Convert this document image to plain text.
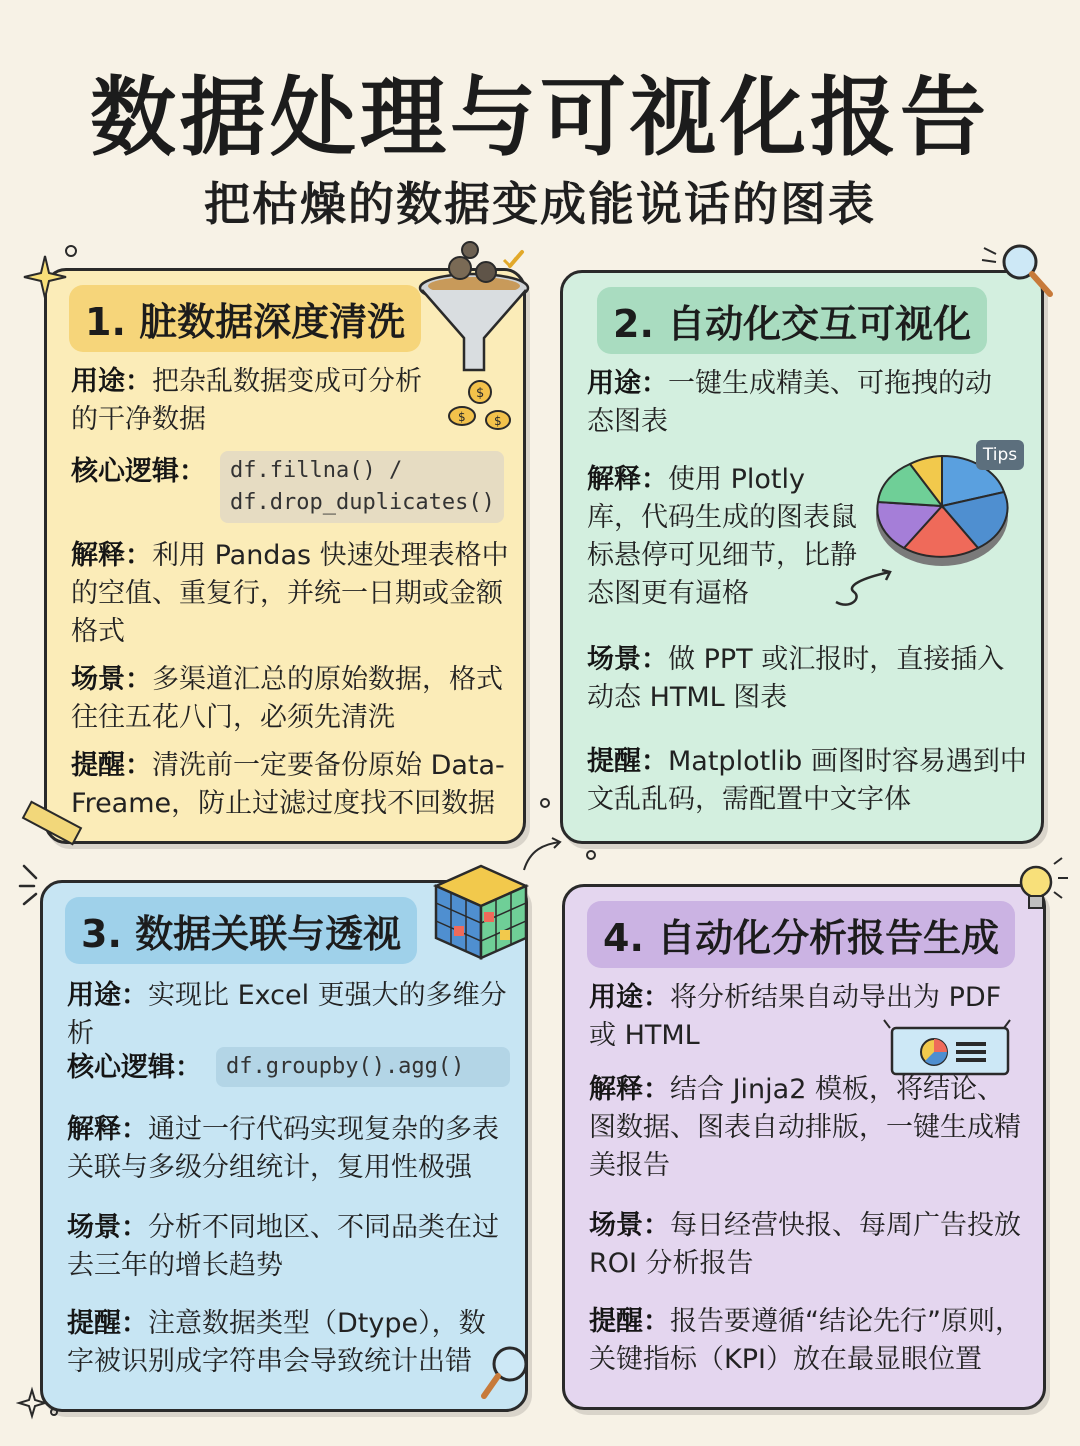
数据处理与可视化报告
把枯燥的数据变成能说话的图表
1. 脏数据深度清洗
用途：把杂乱数据变成可分析的干净数据
核心逻辑：	df.fillna() / df.drop_duplicates()
解释：利用 Pandas 快速处理表格中的空值、重复行，并统一日期或金额格式
场景：多渠道汇总的原始数据，格式往往五花八门，必须先清洗
提醒：清洗前一定要备份原始 Data-Freame，防止过滤过度找不回数据
2. 自动化交互可视化
用途：一键生成精美、可拖拽的动态图表
解释：使用 Plotly 库，代码生成的图表鼠标悬停可见细节，比静态图更有逼格
场景：做 PPT 或汇报时，直接插入动态 HTML 图表
提醒：Matplotlib 画图时容易遇到中文乱乱码，需配置中文字体
3. 数据关联与透视
用途：实现比 Excel 更强大的多维分析
核心逻辑：	df.groupby().agg()
解释：通过一行代码实现复杂的多表关联与多级分组统计，复用性极强
场景：分析不同地区、不同品类在过去三年的增长趋势
提醒：注意数据类型（Dtype），数字被识别成字符串会导致统计出错
4. 自动化分析报告生成
用途：将分析结果自动导出为 PDF 或 HTML
解释：结合 Jinja2 模板，将结论、图数据、图表自动排版，一键生成精美报告
场景：每日经营快报、每周广告投放 ROI 分析报告
提醒：报告要遵循“结论先行”原则，关键指标（KPI）放在最显眼位置
$
$ $
Tips
